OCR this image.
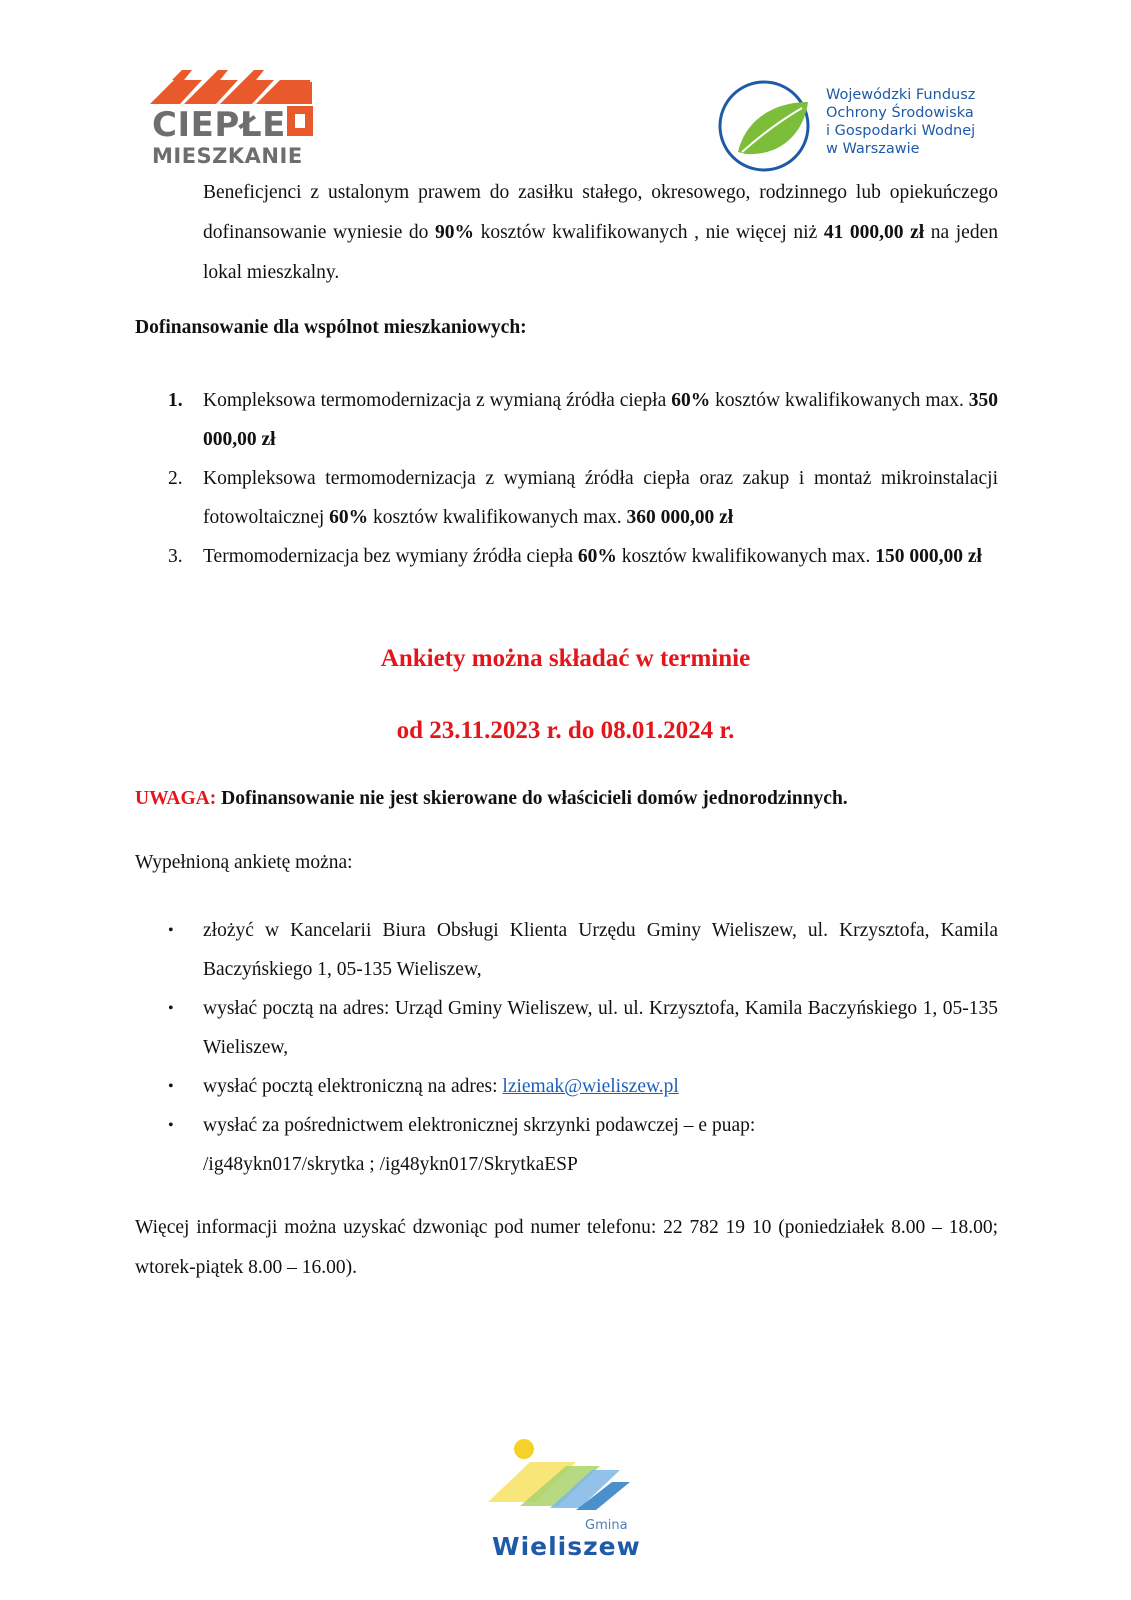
CIEPŁE
MIESZKANIE
Wojewódzki Fundusz
Ochrony Środowiska
i Gospodarki Wodnej
w Warszawie
Beneficjenci z ustalonym prawem do zasiłku stałego, okresowego, rodzinnego lub opiekuńczego dofinansowanie wyniesie do 90% kosztów kwalifikowanych , nie więcej niż 41 000,00 zł na jeden lokal mieszkalny.
Dofinansowanie dla wspólnot mieszkaniowych:
1. Kompleksowa termomodernizacja z wymianą źródła ciepła 60% kosztów kwalifikowanych max. 350 000,00 zł
2. Kompleksowa termomodernizacja z wymianą źródła ciepła oraz zakup i montaż mikroinstalacji fotowoltaicznej 60% kosztów kwalifikowanych max. 360 000,00 zł
3. Termomodernizacja bez wymiany źródła ciepła 60% kosztów kwalifikowanych max. 150 000,00 zł
Ankiety można składać w terminie
od 23.11.2023 r. do 08.01.2024 r.
UWAGA: Dofinansowanie nie jest skierowane do właścicieli domów jednorodzinnych.
Wypełnioną ankietę można:
• złożyć w Kancelarii Biura Obsługi Klienta Urzędu Gminy Wieliszew, ul. Krzysztofa, Kamila Baczyńskiego 1, 05-135 Wieliszew,
• wysłać pocztą na adres: Urząd Gminy Wieliszew, ul. ul. Krzysztofa, Kamila Baczyńskiego 1, 05-135 Wieliszew,
• wysłać pocztą elektroniczną na adres: lziemak@wieliszew.pl
• wysłać za pośrednictwem elektronicznej skrzynki podawczej – e puap:
/ig48ykn017/skrytka ; /ig48ykn017/SkrytkaESP
Więcej informacji można uzyskać dzwoniąc pod numer telefonu: 22 782 19 10 (poniedziałek 8.00 – 18.00; wtorek-piątek 8.00 – 16.00).
Gmina
Wieliszew
